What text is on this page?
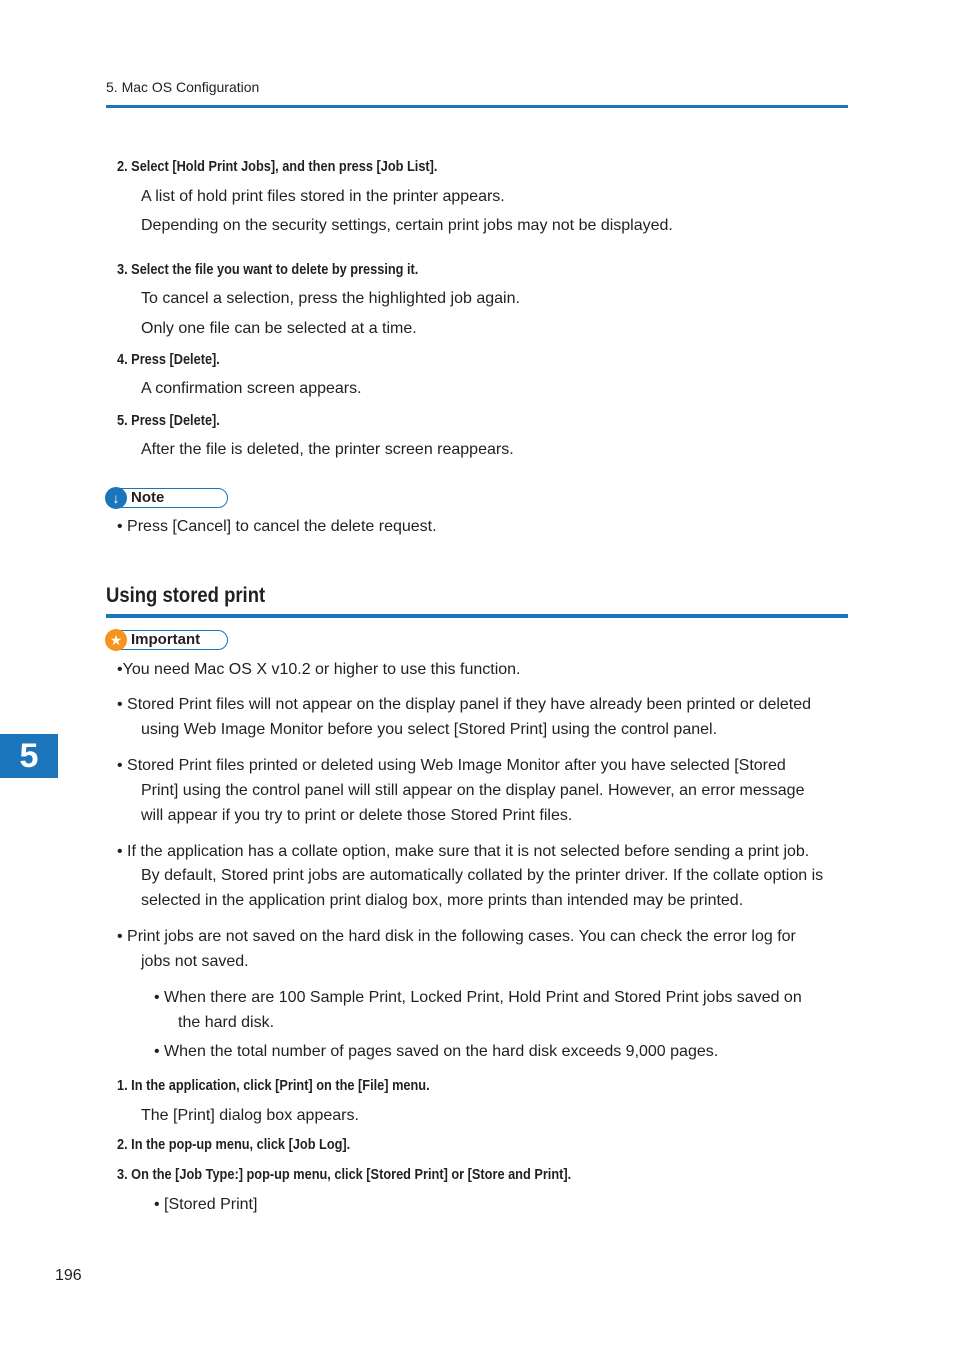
5. Mac OS Configuration
2. Select [Hold Print Jobs], and then press [Job List].
A list of hold print files stored in the printer appears.
Depending on the security settings, certain print jobs may not be displayed.
3. Select the file you want to delete by pressing it.
To cancel a selection, press the highlighted job again.
Only one file can be selected at a time.
4. Press [Delete].
A confirmation screen appears.
5. Press [Delete].
After the file is deleted, the printer screen reappears.
↓ Note
• Press [Cancel] to cancel the delete request.
Using stored print
★ Important
•You need Mac OS X v10.2 or higher to use this function.
• Stored Print files will not appear on the display panel if they have already been printed or deleted
using Web Image Monitor before you select [Stored Print] using the control panel.
• Stored Print files printed or deleted using Web Image Monitor after you have selected [Stored
Print] using the control panel will still appear on the display panel. However, an error message
will appear if you try to print or delete those Stored Print files.
• If the application has a collate option, make sure that it is not selected before sending a print job.
By default, Stored print jobs are automatically collated by the printer driver. If the collate option is
selected in the application print dialog box, more prints than intended may be printed.
• Print jobs are not saved on the hard disk in the following cases. You can check the error log for
jobs not saved.
• When there are 100 Sample Print, Locked Print, Hold Print and Stored Print jobs saved on
the hard disk.
• When the total number of pages saved on the hard disk exceeds 9,000 pages.
1. In the application, click [Print] on the [File] menu.
The [Print] dialog box appears.
2. In the pop-up menu, click [Job Log].
3. On the [Job Type:] pop-up menu, click [Stored Print] or [Store and Print].
• [Stored Print]
5
196
